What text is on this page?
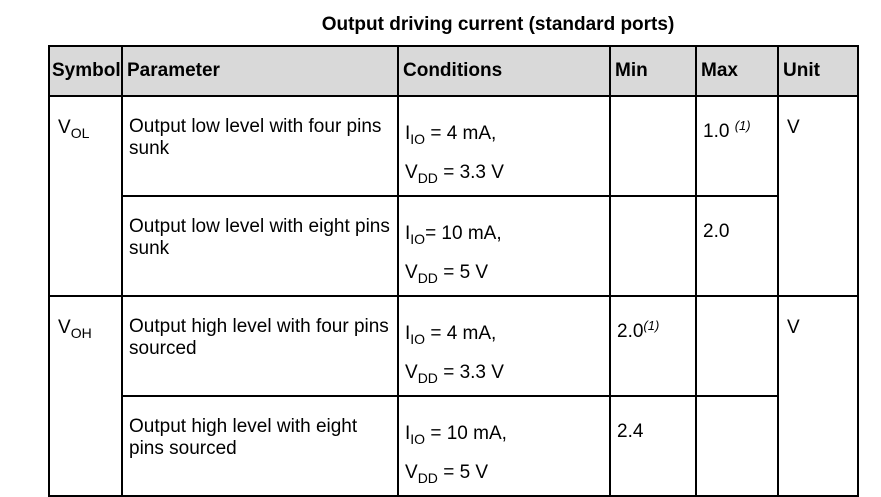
Output driving current (standard ports)
Symbol	Parameter	Conditions	Min	Max	Unit

$V_{OL}$	Output low level with four pins sunk	$I_{IO} = 4$ mA,
$V_{DD} = 3.3$ V		1.0 $^{(1)}$	V

	Output low level with eight pins sunk	$I_{IO}= 10$ mA,
$V_{DD} = 5$ V		2.0	

$V_{OH}$	Output high level with four pins sourced	$I_{IO} = 4$ mA,
$V_{DD} = 3.3$ V	2.0$^{(1)}$		V

	Output high level with eight pins sourced	$I_{IO} = 10$ mA,
$V_{DD} = 5$ V	2.4		
